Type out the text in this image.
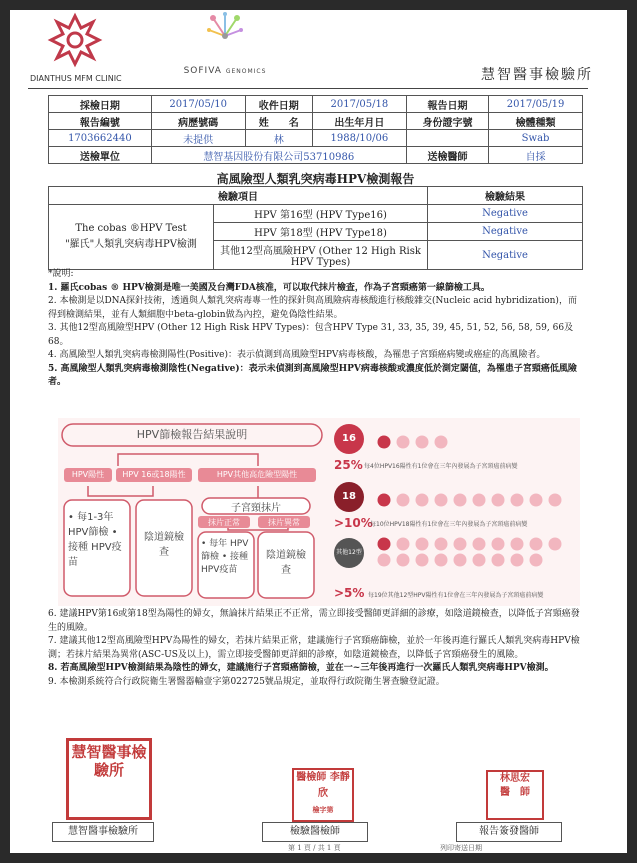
DIANTHUS MFM CLINIC
SOFIVA GENOMICS	慧智醫事檢驗所
採檢日期	2017/05/10	收件日期	2017/05/18	報告日期	2017/05/19
報告編號	病歷號碼	姓　　名	出生年月日	身份證字號	檢體種類
1703662440	未提供	林	1988/10/06		Swab
送檢單位	慧智基因股份有限公司53710986			送檢醫師	自採
高風險型人類乳突病毒HPV檢測報告
檢驗項目		檢驗結果

The cobas ®HPV Test
"羅氏"人類乳突病毒HPV檢測	HPV 第16型 (HPV Type16)	Negative
	HPV 第18型 (HPV Type18)	Negative
	其他12型高風險HPV (Other 12 High Risk HPV Types)	Negative
*說明:
1. 羅氏cobas ® HPV檢測是唯一美國及台灣FDA核准，可以取代抹片檢查，作為子宮頸癌第一線篩檢工具。
2. 本檢測是以DNA探針技術，透過與人類乳突病毒專一性的探針與高風險病毒核酸進行核酸雜交(Nucleic acid hybridization)，而得到檢測結果，並有人類細胞中beta-globin做為內控，避免偽陰性結果。
3. 其他12型高風險型HPV (Other 12 High Risk HPV Types)：包含HPV Type 31, 33, 35, 39, 45, 51, 52, 56, 58, 59, 66及68。
4. 高風險型人類乳突病毒檢測陽性(Positive)：表示偵測到高風險型HPV病毒核酸，為罹患子宮頸癌病變或癌症的高風險者。
5. 高風險型人類乳突病毒檢測陰性(Negative)：表示未偵測到高風險型HPV病毒核酸或濃度低於測定閾值，為罹患子宮頸癌低風險者。
HPV篩檢報告結果說明
HPV陽性	HPV 16或18陽性	HPV其他高危險型陽性
• 每1-3年 HPV篩檢 • 接種 HPV疫苗
陰道鏡檢查
子宮頸抹片
抹片正常	抹片異常
• 每年 HPV篩檢 • 接種 HPV疫苗
陰道鏡檢查
16
25% 每4位HPV16陽性有1位會在三年內發展為子宮頸癌前病變
18
>10%
每10位HPV18陽性有1位會在三年內發展為子宮頸癌前病變
其他12型
>5% 每19位其他12型HPV陽性有1位會在三年內發展為子宮頸癌前病變
6. 建議HPV第16或第18型為陽性的婦女，無論抹片結果正不正常，需立即接受醫師更詳細的診療，如陰道鏡檢查，以降低子宮頸癌發生的風險。
7. 建議其他12型高風險型HPV為陽性的婦女，若抹片結果正常，建議施行子宮頸癌篩檢，並於一年後再進行羅氏人類乳突病毒HPV檢測；若抹片結果為異常(ASC-US及以上)，需立即接受醫師更詳細的診療，如陰道鏡檢查，以降低子宮頸癌發生的風險。
8. 若高風險型HPV檢測結果為陰性的婦女，建議施行子宮頸癌篩檢，並在一~三年後再進行一次羅氏人類乳突病毒HPV檢測。
9. 本檢測系統符合行政院衛生署醫器輸壹字第022725號品規定，並取得行政院衛生署查驗登記證。
慧智醫事檢驗所	醫檢師 李靜欣
檢字第
林思宏
醫　師
慧智醫事檢驗所	檢驗醫檢師	報告簽發醫師
第 1 頁 / 共 1 頁	列印寄送日期
